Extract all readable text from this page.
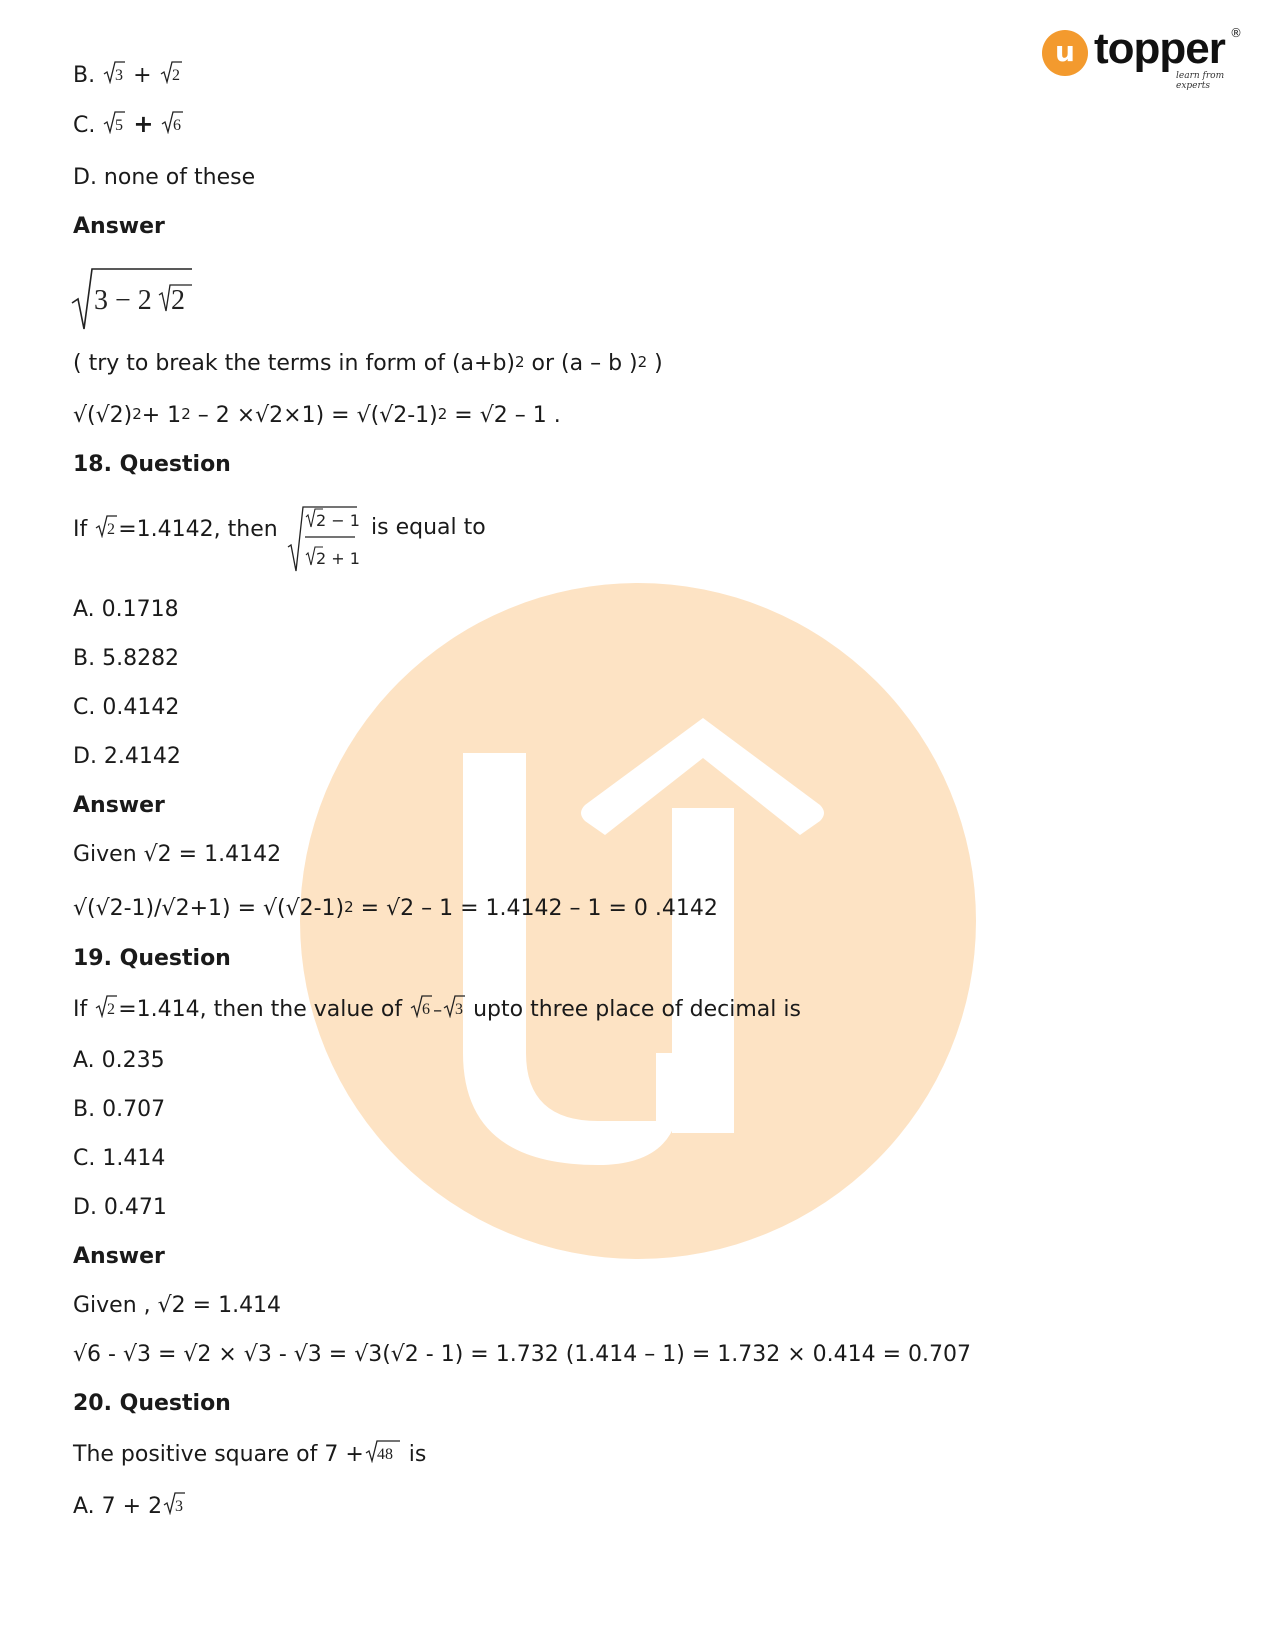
u topper ®
learn from experts
B. 3 + 2
C. 5 + 6
D. none of these
Answer
3 − 2 2
( try to break the terms in form of $(a+b)^2$ or (a – b )$^2$ )
$√(√2)^2+ 1^2 - 2 \times√2\times 1) = √(√2-1)^2 = √2 - 1$ .
18. Question
If 2 =1.4142, then 2 − 1
2 + 1
is equal to
A. 0.1718
B. 5.8282
C. 0.4142
D. 2.4142
Answer
Given √2 = 1.4142
$√(√2-1)/√2+1) = √(√2-1)^2 = √2 - 1 = 1.4142 - 1 = 0$ .4142
19. Question
If 2 =1.414, then the value of 6 – 3 upto three place of decimal is
A. 0.235
B. 0.707
C. 1.414
D. 0.471
Answer
Given , √2 = 1.414
√6 - √3 = √2 × √3 - √3 = √3(√2 - 1) = 1.732 (1.414 – 1) = 1.732 × 0.414 = 0.707
20. Question
The positive square of 7 + 48 is
A. 7 + 2 3
